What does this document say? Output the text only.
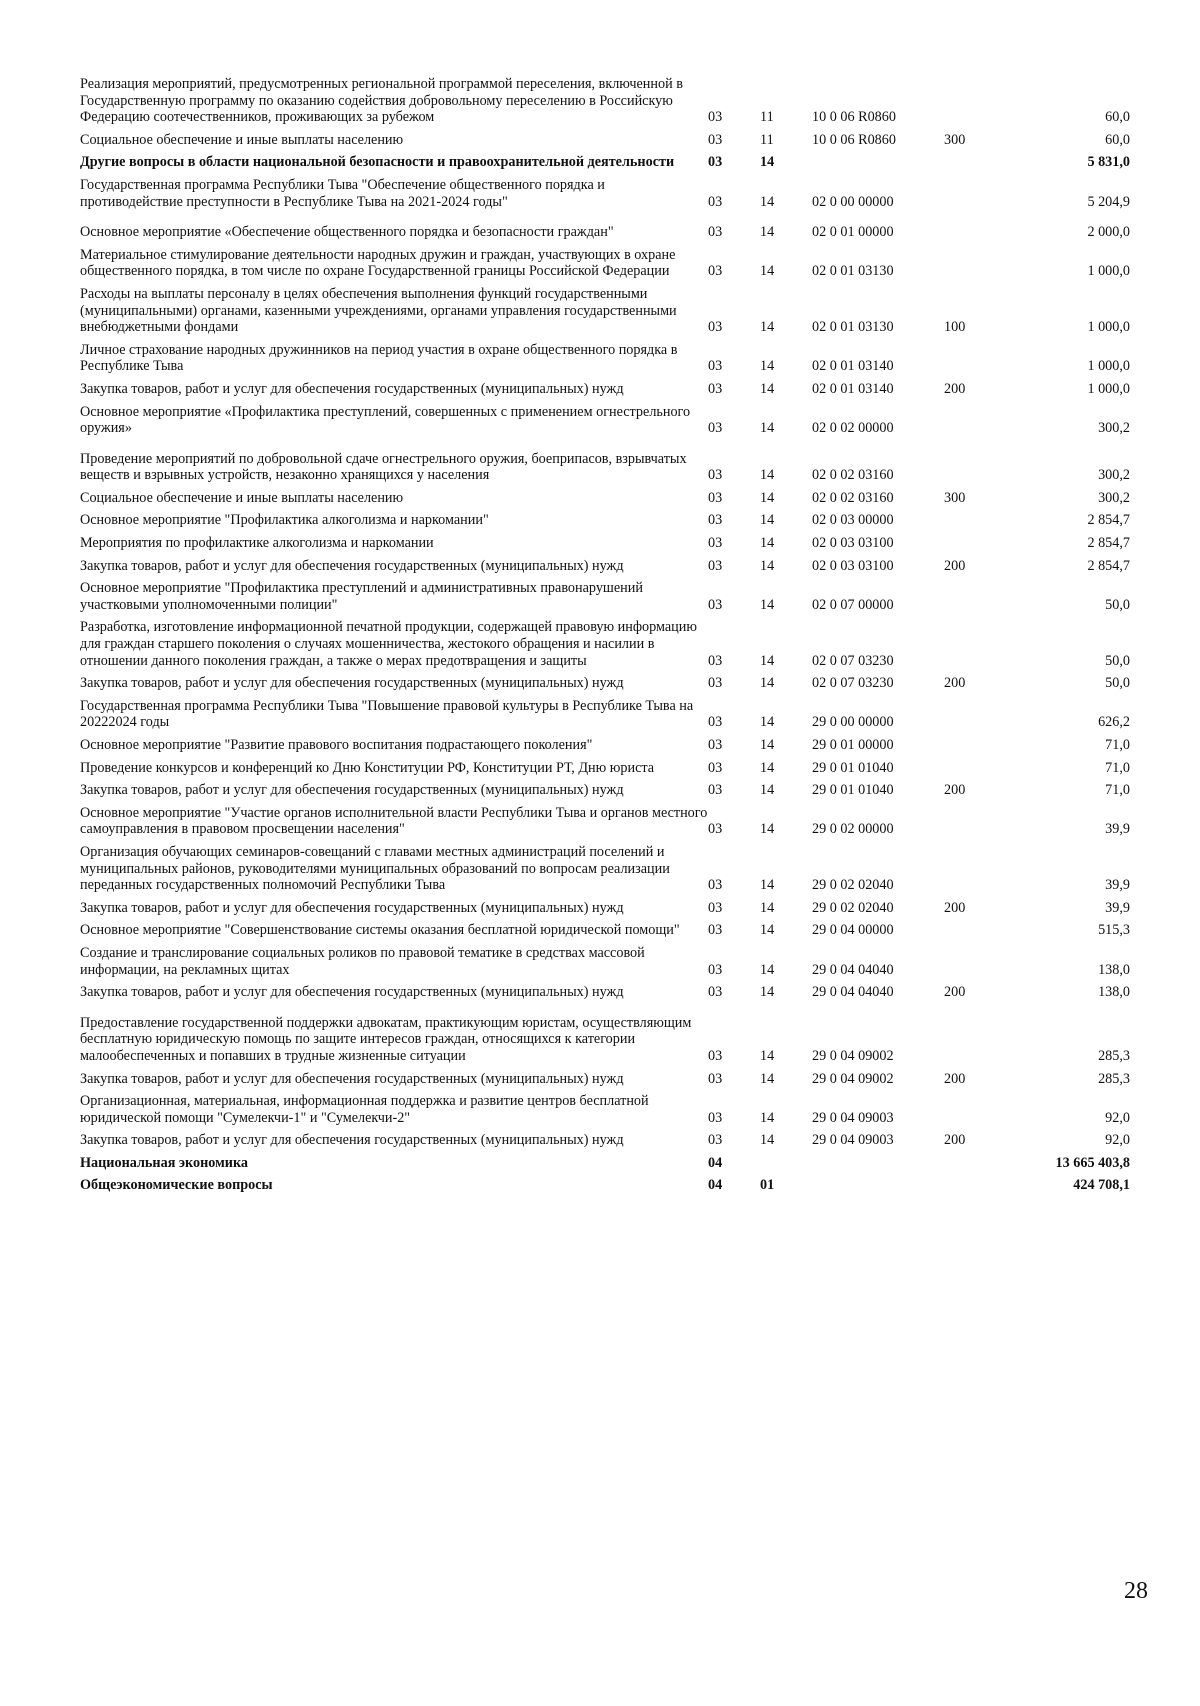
Реализация мероприятий, предусмотренных региональной программой переселения, включенной в Государственную программу по оказанию содействия добровольному переселению в Российскую Федерацию соотечественников, проживающих за рубежом	03	11	10 0 06 R0860		60,0
Социальное обеспечение и иные выплаты населению	03	11	10 0 06 R0860	300	60,0
Другие вопросы в области национальной безопасности и правоохранительной деятельности	03	14			5 831,0
Государственная программа Республики Тыва "Обеспечение общественного порядка и противодействие преступности в Республике Тыва на 2021-2024 годы"	03	14	02 0 00 00000		5 204,9
Основное мероприятие «Обеспечение общественного порядка и безопасности граждан"	03	14	02 0 01 00000		2 000,0
Материальное стимулирование деятельности народных дружин и граждан, участвующих в охране общественного порядка, в том числе по охране Государственной границы Российской Федерации	03	14	02 0 01 03130		1 000,0
Расходы на выплаты персоналу в целях обеспечения выполнения функций государственными (муниципальными) органами, казенными учреждениями, органами управления государственными внебюджетными фондами	03	14	02 0 01 03130	100	1 000,0
Личное страхование народных дружинников на период участия в охране общественного порядка в Республике Тыва	03	14	02 0 01 03140		1 000,0
Закупка товаров, работ и услуг для обеспечения государственных (муниципальных) нужд	03	14	02 0 01 03140	200	1 000,0
Основное мероприятие «Профилактика преступлений, совершенных с применением огнестрельного оружия»	03	14	02 0 02 00000		300,2
Проведение мероприятий по добровольной сдаче огнестрельного оружия, боеприпасов, взрывчатых веществ и взрывных устройств, незаконно хранящихся у населения	03	14	02 0 02 03160		300,2
Социальное обеспечение и иные выплаты населению	03	14	02 0 02 03160	300	300,2
Основное мероприятие "Профилактика алкоголизма и наркомании"	03	14	02 0 03 00000		2 854,7
Мероприятия по профилактике алкоголизма и наркомании	03	14	02 0 03 03100		2 854,7
Закупка товаров, работ и услуг для обеспечения государственных (муниципальных) нужд	03	14	02 0 03 03100	200	2 854,7
Основное мероприятие "Профилактика преступлений и административных правонарушений участковыми уполномоченными полиции"	03	14	02 0 07 00000		50,0
Разработка, изготовление информационной печатной продукции, содержащей правовую информацию для граждан старшего поколения о случаях мошенничества, жестокого обращения и насилии в отношении данного поколения граждан, а также о мерах предотвращения и защиты	03	14	02 0 07 03230		50,0
Закупка товаров, работ и услуг для обеспечения государственных (муниципальных) нужд	03	14	02 0 07 03230	200	50,0
Государственная программа Республики Тыва "Повышение правовой культуры в Республике Тыва на 20222024 годы	03	14	29 0 00 00000		626,2
Основное мероприятие "Развитие правового воспитания подрастающего поколения"	03	14	29 0 01 00000		71,0
Проведение конкурсов и конференций ко Дню Конституции РФ, Конституции РТ, Дню юриста	03	14	29 0 01 01040		71,0
Закупка товаров, работ и услуг для обеспечения государственных (муниципальных) нужд	03	14	29 0 01 01040	200	71,0
Основное мероприятие "Участие органов исполнительной власти Республики Тыва и органов местного самоуправления в правовом просвещении населения"	03	14	29 0 02 00000		39,9
Организация обучающих семинаров-совещаний с главами местных администраций поселений и муниципальных районов, руководителями муниципальных образований по вопросам реализации переданных государственных полномочий Республики Тыва	03	14	29 0 02 02040		39,9
Закупка товаров, работ и услуг для обеспечения государственных (муниципальных) нужд	03	14	29 0 02 02040	200	39,9
Основное мероприятие "Совершенствование системы оказания бесплатной юридической помощи"	03	14	29 0 04 00000		515,3
Создание и транслирование социальных роликов по правовой тематике в средствах массовой информации, на рекламных щитах	03	14	29 0 04 04040		138,0
Закупка товаров, работ и услуг для обеспечения государственных (муниципальных) нужд	03	14	29 0 04 04040	200	138,0
Предоставление государственной поддержки адвокатам, практикующим юристам, осуществляющим бесплатную юридическую помощь по защите интересов граждан, относящихся к категории малообеспеченных и попавших в трудные жизненные ситуации	03	14	29 0 04 09002		285,3
Закупка товаров, работ и услуг для обеспечения государственных (муниципальных) нужд	03	14	29 0 04 09002	200	285,3
Организационная, материальная, информационная поддержка и развитие центров бесплатной юридической помощи "Сумелекчи-1" и "Сумелекчи-2"	03	14	29 0 04 09003		92,0
Закупка товаров, работ и услуг для обеспечения государственных (муниципальных) нужд	03	14	29 0 04 09003	200	92,0
Национальная экономика	04				13 665 403,8
Общеэкономические вопросы	04	01			424 708,1
28
